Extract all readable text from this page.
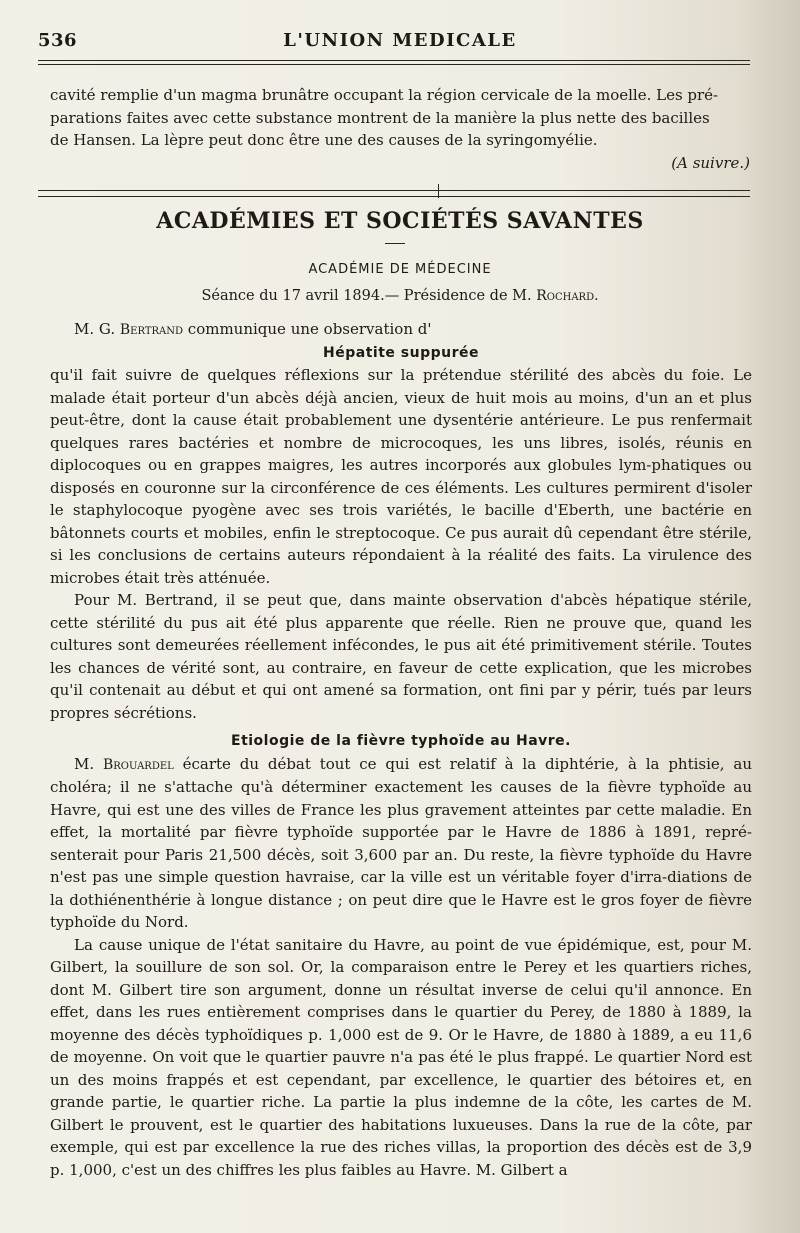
536	L'UNION MEDICALE

cavité remplie d'un magma brunâtre occupant la région cervicale de la moelle. Les pré-

parations faites avec cette substance montrent de la manière la plus nette des bacilles

de Hansen. La lèpre peut donc être une des causes de la syringomyélie.

(A suivre.)

ACADÉMIES ET SOCIÉTÉS SAVANTES
ACADÉMIE DE MÉDECINE
Séance du 17 avril 1894.— Présidence de M. Rochard.

M. G. Bertrand communique une observation d'

Hépatite suppurée

qu'il fait suivre de quelques réflexions sur la prétendue stérilité des abcès du foie. Le malade était porteur d'un abcès déjà ancien, vieux de huit mois au moins, d'un an et plus peut-être, dont la cause était probablement une dysentérie antérieure. Le pus renfermait quelques rares bactéries et nombre de microcoques, les uns libres, isolés, réunis en diplocoques ou en grappes maigres, les autres incorporés aux globules lym-phatiques ou disposés en couronne sur la circonférence de ces éléments. Les cultures permirent d'isoler le staphylocoque pyogène avec ses trois variétés, le bacille d'Eberth, une bactérie en bâtonnets courts et mobiles, enfin le streptocoque. Ce pus aurait dû cependant être stérile, si les conclusions de certains auteurs répondaient à la réalité des faits. La virulence des microbes était très atténuée.

Pour M. Bertrand, il se peut que, dans mainte observation d'abcès hépatique stérile, cette stérilité du pus ait été plus apparente que réelle. Rien ne prouve que, quand les cultures sont demeurées réellement infécondes, le pus ait été primitivement stérile. Toutes les chances de vérité sont, au contraire, en faveur de cette explication, que les microbes qu'il contenait au début et qui ont amené sa formation, ont fini par y périr, tués par leurs propres sécrétions.

Etiologie de la fièvre typhoïde au Havre.

M. Brouardel écarte du débat tout ce qui est relatif à la diphtérie, à la phtisie, au choléra; il ne s'attache qu'à déterminer exactement les causes de la fièvre typhoïde au Havre, qui est une des villes de France les plus gravement atteintes par cette maladie. En effet, la mortalité par fièvre typhoïde supportée par le Havre de 1886 à 1891, repré-senterait pour Paris 21,500 décès, soit 3,600 par an. Du reste, la fièvre typhoïde du Havre n'est pas une simple question havraise, car la ville est un véritable foyer d'irra-diations de la dothiénenthérie à longue distance ; on peut dire que le Havre est le gros foyer de fièvre typhoïde du Nord.

La cause unique de l'état sanitaire du Havre, au point de vue épidémique, est, pour M. Gilbert, la souillure de son sol. Or, la comparaison entre le Perey et les quartiers riches, dont M. Gilbert tire son argument, donne un résultat inverse de celui qu'il annonce. En effet, dans les rues entièrement comprises dans le quartier du Perey, de 1880 à 1889, la moyenne des décès typhoïdiques p. 1,000 est de 9. Or le Havre, de 1880 à 1889, a eu 11,6 de moyenne. On voit que le quartier pauvre n'a pas été le plus frappé. Le quartier Nord est un des moins frappés et est cependant, par excellence, le quartier des bétoires et, en grande partie, le quartier riche. La partie la plus indemne de la côte, les cartes de M. Gilbert le prouvent, est le quartier des habitations luxueuses. Dans la rue de la côte, par exemple, qui est par excellence la rue des riches villas, la proportion des décès est de 3,9 p. 1,000, c'est un des chiffres les plus faibles au Havre. M. Gilbert a
